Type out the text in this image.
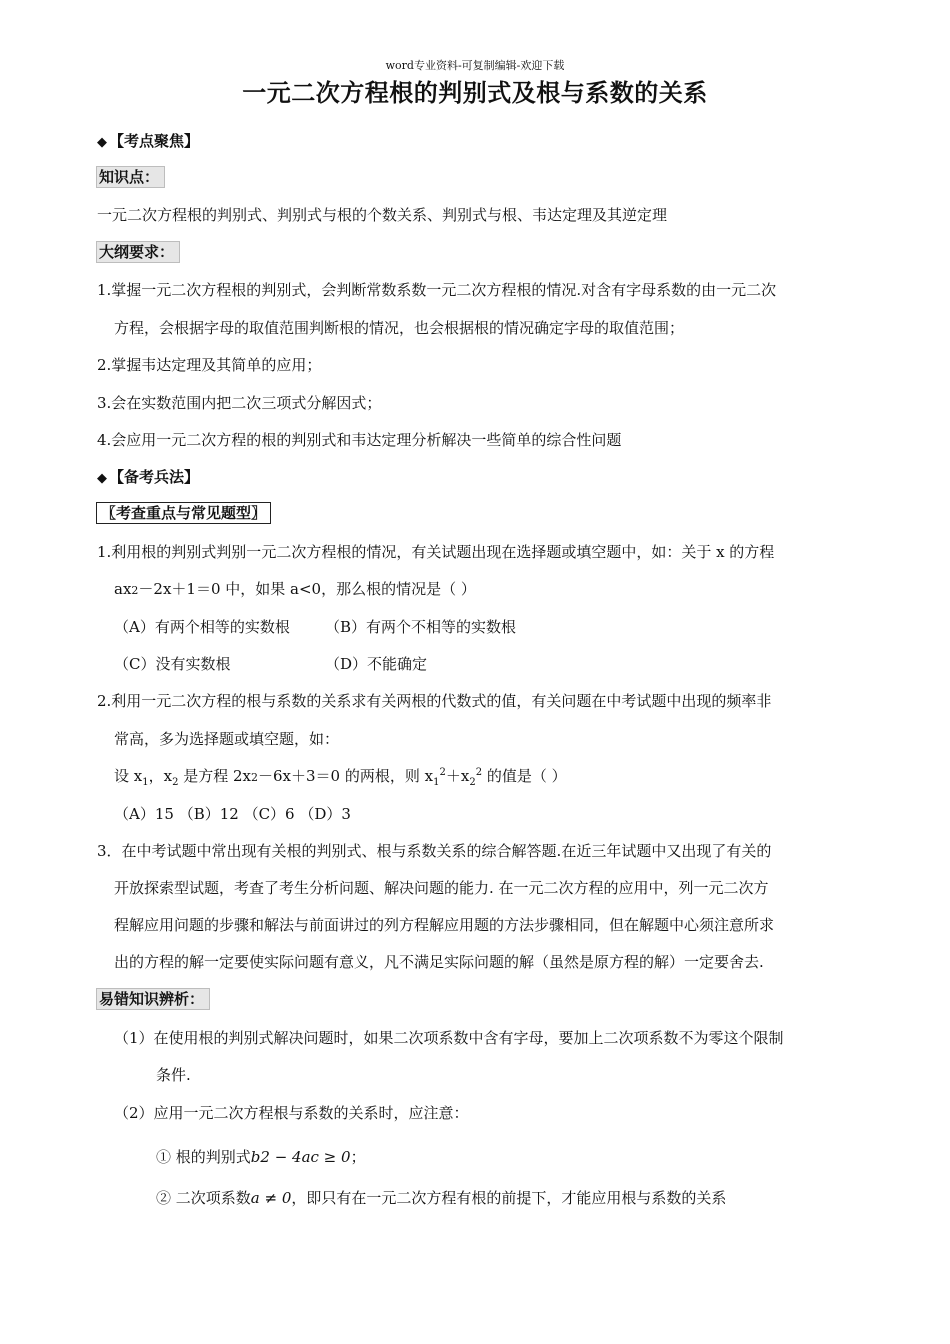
word专业资料-可复制编辑-欢迎下载
一元二次方程根的判别式及根与系数的关系
◆ 【考点聚焦】
知识点：
一元二次方程根的判别式、判别式与根的个数关系、判别式与根、韦达定理及其逆定理
大纲要求：
1.掌握一元二次方程根的判别式，会判断常数系数一元二次方程根的情况.对含有字母系数的由一元二次
方程，会根据字母的取值范围判断根的情况，也会根据根的情况确定字母的取值范围；
2.掌握韦达定理及其简单的应用；
3.会在实数范围内把二次三项式分解因式；
4.会应用一元二次方程的根的判别式和韦达定理分析解决一些简单的综合性问题
◆ 【备考兵法】
〖考查重点与常见题型〗
1.利用根的判别式判别一元二次方程根的情况，有关试题出现在选择题或填空题中，如：关于 x 的方程
ax2－2x＋1＝0 中，如果 a<0，那么根的情况是（ ）
（A）有两个相等的实数根 （B）有两个不相等的实数根
（C）没有实数根	（D）不能确定
2.利用一元二次方程的根与系数的关系求有关两根的代数式的值，有关问题在中考试题中出现的频率非
常高，多为选择题或填空题，如：
设 $x_1$，$x_2$ 是方程 2x2－6x＋3＝0 的两根，则 $x_1^2+x_2^2$ 的值是（ ）
（A）15 （B）12 （C）6 （D）3
3．在中考试题中常出现有关根的判别式、根与系数关系的综合解答题.在近三年试题中又出现了有关的
开放探索型试题，考查了考生分析问题、解决问题的能力. 在一元二次方程的应用中，列一元二次方
程解应用问题的步骤和解法与前面讲过的列方程解应用题的方法步骤相同，但在解题中心须注意所求
出的方程的解一定要使实际问题有意义，凡不满足实际问题的解（虽然是原方程的解）一定要舍去.
易错知识辨析：
（1）在使用根的判别式解决问题时，如果二次项系数中含有字母，要加上二次项系数不为零这个限制
条件.
（2）应用一元二次方程根与系数的关系时，应注意：
① 根的判别式b2 − 4ac ≥ 0；
② 二次项系数a ≠ 0，即只有在一元二次方程有根的前提下，才能应用根与系数的关系
